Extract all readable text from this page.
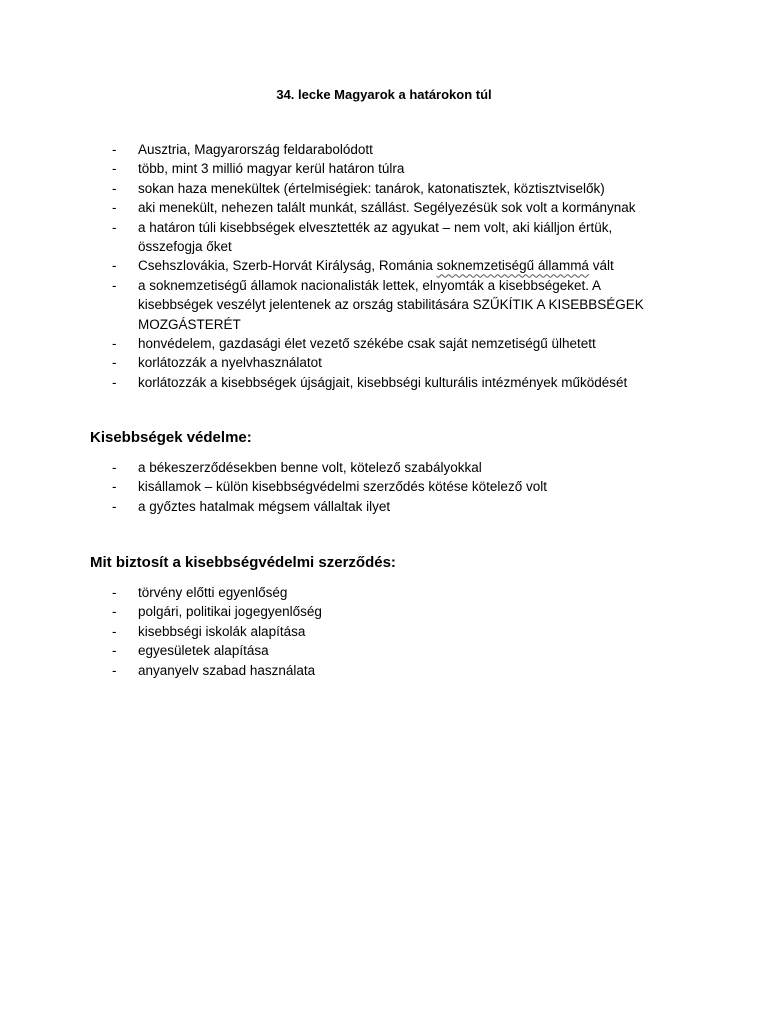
34. lecke Magyarok a határokon túl
- Ausztria, Magyarország feldarabolódott
- több, mint 3 millió magyar kerül határon túlra
- sokan haza menekültek (értelmiségiek: tanárok, katonatisztek, köztisztviselők)
- aki menekült, nehezen talált munkát, szállást. Segélyezésük sok volt a kormánynak
- a határon túli kisebbségek elvesztették az agyukat – nem volt, aki kiálljon értük, összefogja őket
- Csehszlovákia, Szerb-Horvát Királyság, Románia soknemzetiségű állammá vált
- a soknemzetiségű államok nacionalisták lettek, elnyomták a kisebbségeket. A kisebbségek veszélyt jelentenek az ország stabilitására SZŰKÍTIK A KISEBBSÉGEK MOZGÁSTERÉT
- honvédelem, gazdasági élet vezető székébe csak saját nemzetiségű ülhetett
- korlátozzák a nyelvhasználatot
- korlátozzák a kisebbségek újságjait, kisebbségi kulturális intézmények működését
Kisebbségek védelme:
- a békeszerződésekben benne volt, kötelező szabályokkal
- kisállamok – külön kisebbségvédelmi szerződés kötése kötelező volt
- a győztes hatalmak mégsem vállaltak ilyet
Mit biztosít a kisebbségvédelmi szerződés:
- törvény előtti egyenlőség
- polgári, politikai jogegyenlőség
- kisebbségi iskolák alapítása
- egyesületek alapítása
- anyanyelv szabad használata
